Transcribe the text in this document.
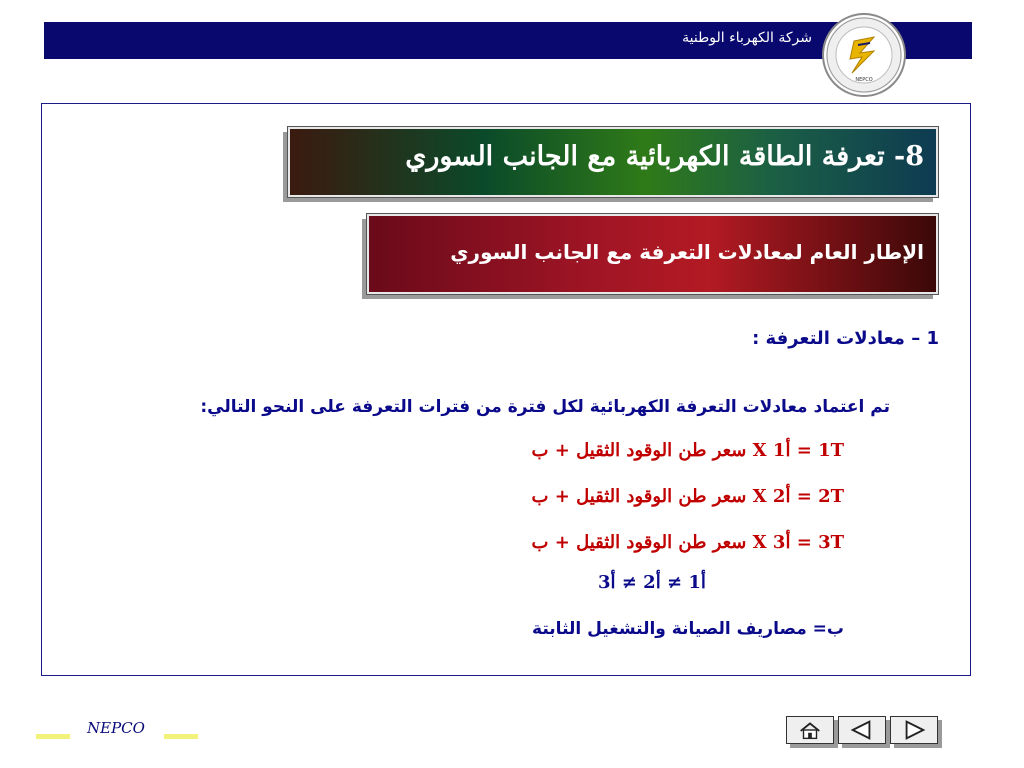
شركة الكهرباء الوطنية
NEPCO
8- تعرفة الطاقة الكهربائية مع الجانب السوري
الإطار العام لمعادلات التعرفة مع الجانب السوري
1 – معادلات التعرفة :
تم اعتماد معادلات التعرفة الكهربائية لكل فترة من فترات التعرفة على النحو التالي:
1T = أ1 X سعر طن الوقود الثقيل + ب
2T = أ2 X سعر طن الوقود الثقيل + ب
3T = أ3 X سعر طن الوقود الثقيل + ب
أ1 ≠ أ2 ≠ أ3
ب= مصاريف الصيانة والتشغيل الثابتة
NEPCO
